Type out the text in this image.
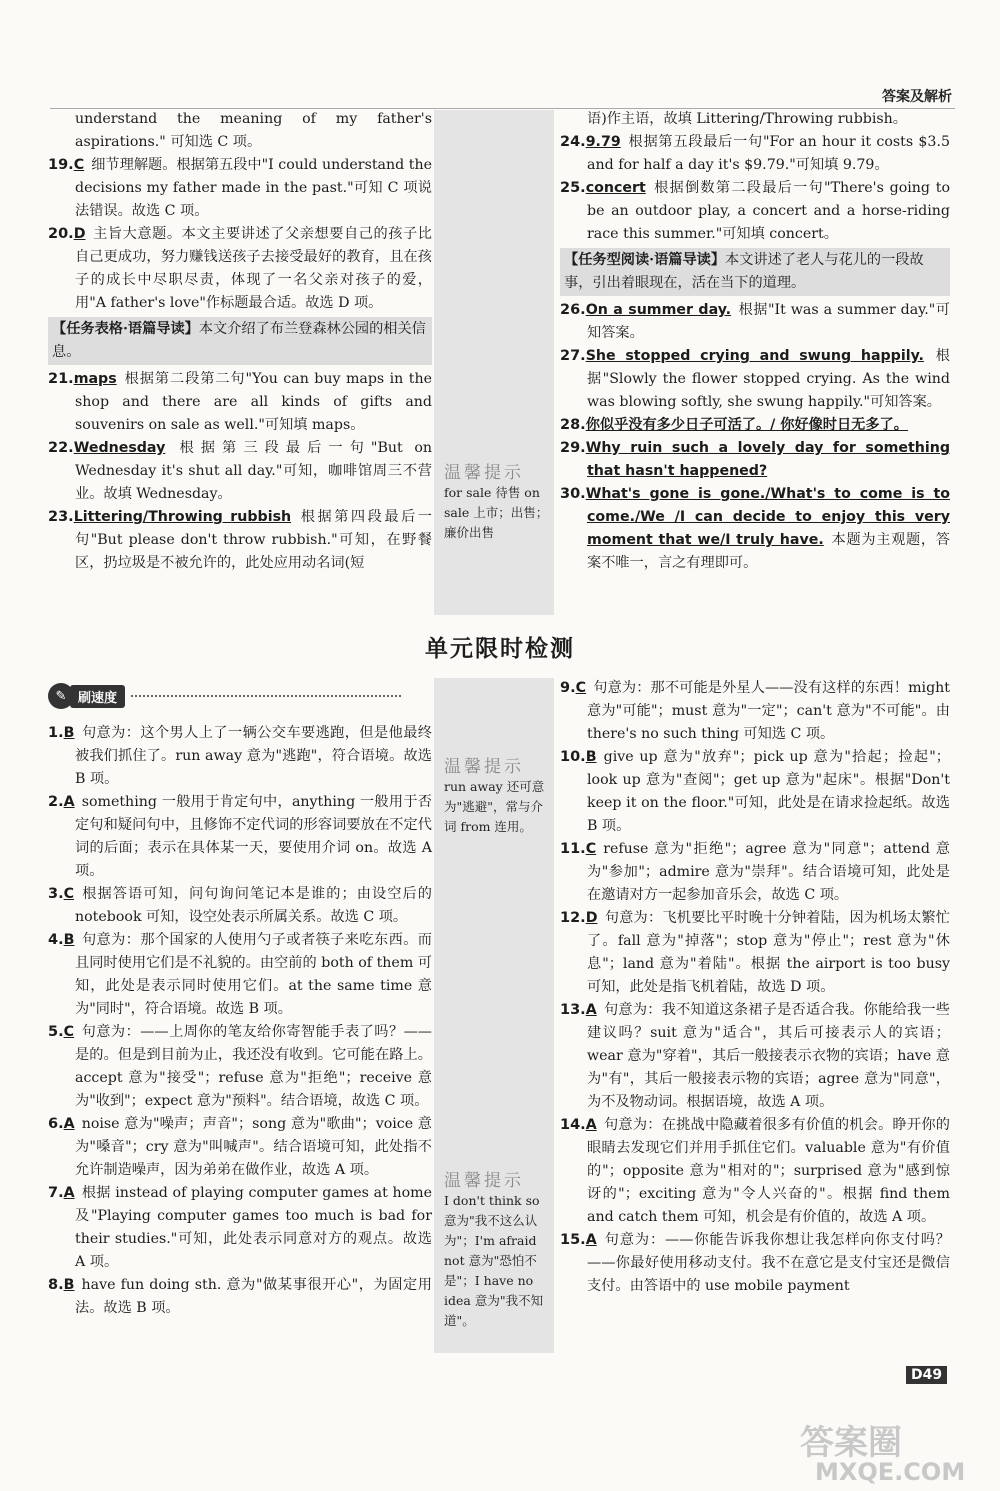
答案及解析

understand the meaning of my father's aspirations." 可知选 C 项。

19.C  细节理解题。根据第五段中"I could understand the decisions my father made in the past."可知 C 项说法错误。故选 C 项。

20.D  主旨大意题。本文主要讲述了父亲想要自己的孩子比自己更成功，努力赚钱送孩子去接受最好的教育，且在孩子的成长中尽职尽责，体现了一名父亲对孩子的爱，用"A father's love"作标题最合适。故选 D 项。

【任务表格·语篇导读】本文介绍了布兰登森林公园的相关信息。

21.maps  根据第二段第二句"You can buy maps in the shop and there are all kinds of gifts and souvenirs on sale as well."可知填 maps。

22.Wednesday  根据第三段最后一句"But on Wednesday it's shut all day."可知，咖啡馆周三不营业。故填 Wednesday。

23.Littering/Throwing rubbish  根据第四段最后一句"But please don't throw rubbish."可知，在野餐区，扔垃圾是不被允许的，此处应用动名词(短

语)作主语，故填 Littering/Throwing rubbish。

24.9.79  根据第五段最后一句"For an hour it costs $3.5 and for half a day it's $9.79."可知填 9.79。

25.concert  根据倒数第二段最后一句"There's going to be an outdoor play, a concert and a horse-riding race this summer."可知填 concert。

【任务型阅读·语篇导读】本文讲述了老人与花儿的一段故事，引出着眼现在，活在当下的道理。

26.On a summer day.  根据"It was a summer day."可知答案。

27.She stopped crying and swung happily.  根据"Slowly the flower stopped crying. As the wind was blowing softly, she swung happily."可知答案。

28.你似乎没有多少日子可活了。/ 你好像时日无多了。 

29.Why ruin such a lovely day for something that hasn't happened? 

30.What's gone is gone./What's to come is to come./We /I can decide to enjoy this very moment that we/I truly have.  本题为主观题，答案不唯一，言之有理即可。

温馨提示
for sale 待售 on sale 上市；出售；廉价出售
单元限时检测
✎ 刷速度

1.B  句意为：这个男人上了一辆公交车要逃跑，但是他最终被我们抓住了。run away 意为"逃跑"，符合语境。故选 B 项。

2.A  something 一般用于肯定句中，anything 一般用于否定句和疑问句中，且修饰不定代词的形容词要放在不定代词的后面；表示在具体某一天，要使用介词 on。故选 A 项。

3.C  根据答语可知，问句询问笔记本是谁的；由设空后的 notebook 可知，设空处表示所属关系。故选 C 项。

4.B  句意为：那个国家的人使用勺子或者筷子来吃东西。而且同时使用它们是不礼貌的。由空前的 both of them 可知，此处是表示同时使用它们。at the same time 意为"同时"，符合语境。故选 B 项。

5.C  句意为：——上周你的笔友给你寄智能手表了吗？——是的。但是到目前为止，我还没有收到。它可能在路上。accept 意为"接受"；refuse 意为"拒绝"；receive 意为"收到"；expect 意为"预料"。结合语境，故选 C 项。

6.A  noise 意为"噪声；声音"；song 意为"歌曲"；voice 意为"嗓音"；cry 意为"叫喊声"。结合语境可知，此处指不允许制造噪声，因为弟弟在做作业，故选 A 项。

7.A  根据 instead of playing computer games at home 及"Playing computer games too much is bad for their studies."可知，此处表示同意对方的观点。故选 A 项。

8.B  have fun doing sth. 意为"做某事很开心"，为固定用法。故选 B 项。

9.C  句意为：那不可能是外星人——没有这样的东西！might 意为"可能"；must 意为"一定"；can't 意为"不可能"。由 there's no such thing 可知选 C 项。

10.B  give up 意为"放弃"；pick up 意为"拾起；捡起"；look up 意为"查阅"；get up 意为"起床"。根据"Don't keep it on the floor."可知，此处是在请求捡起纸。故选 B 项。

11.C  refuse 意为"拒绝"；agree 意为"同意"；attend 意为"参加"；admire 意为"崇拜"。结合语境可知，此处是在邀请对方一起参加音乐会，故选 C 项。

12.D  句意为：飞机要比平时晚十分钟着陆，因为机场太繁忙了。fall 意为"掉落"；stop 意为"停止"；rest 意为"休息"；land 意为"着陆"。根据 the airport is too busy 可知，此处是指飞机着陆，故选 D 项。

13.A  句意为：我不知道这条裙子是否适合我。你能给我一些建议吗？suit 意为"适合"，其后可接表示人的宾语；wear 意为"穿着"，其后一般接表示衣物的宾语；have 意为"有"，其后一般接表示物的宾语；agree 意为"同意"，为不及物动词。根据语境，故选 A 项。

14.A  句意为：在挑战中隐藏着很多有价值的机会。睁开你的眼睛去发现它们并用手抓住它们。valuable 意为"有价值的"；opposite 意为"相对的"；surprised 意为"感到惊讶的"；exciting 意为"令人兴奋的"。根据 find them and catch them 可知，机会是有价值的，故选 A 项。

15.A  句意为：——你能告诉我你想让我怎样向你支付吗？——你最好使用移动支付。我不在意它是支付宝还是微信支付。由答语中的 use mobile payment

温馨提示
run away 还可意为"逃避"，常与介词 from 连用。
温馨提示
I don't think so 意为"我不这么认为"；I'm afraid not 意为"恐怕不是"；I have no idea 意为"我不知道"。
D49
答案圈
MXQE.COM
